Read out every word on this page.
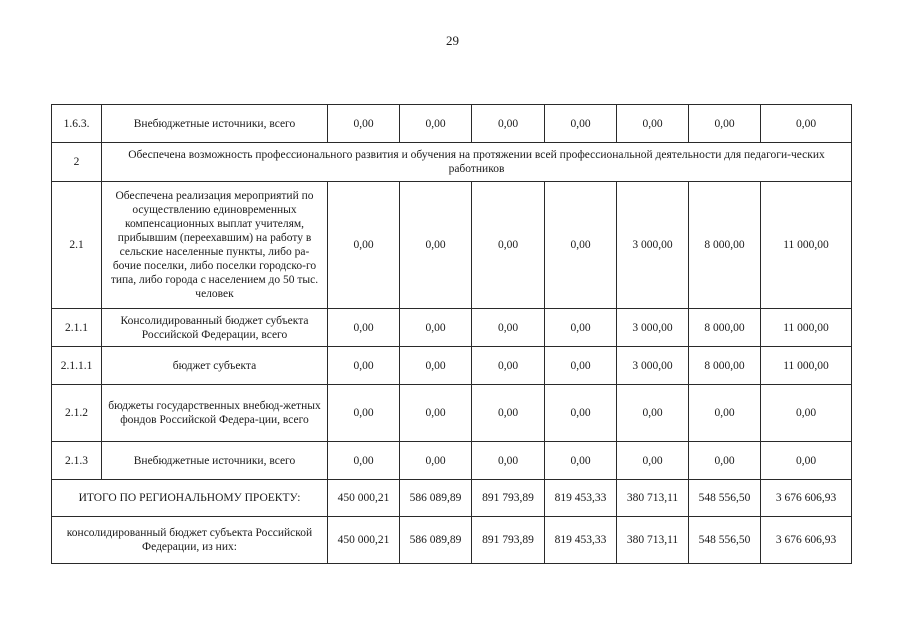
29
1.6.3.	Внебюджетные источники, всего	0,00	0,00	0,00	0,00	0,00	0,00	0,00
2	Обеспечена возможность профессионального развития и обучения на протяжении всей профессиональной деятельности для педагоги-ческих работников							
2.1	Обеспечена реализация мероприятий по осуществлению единовременных компенсационных выплат учителям, прибывшим (переехавшим) на работу в сельские населенные пункты, либо ра-бочие поселки, либо поселки городско-го типа, либо города с населением до 50 тыс. человек	0,00	0,00	0,00	0,00	3 000,00	8 000,00	11 000,00
2.1.1	Консолидированный бюджет субъекта Российской Федерации, всего	0,00	0,00	0,00	0,00	3 000,00	8 000,00	11 000,00
2.1.1.1	бюджет субъекта	0,00	0,00	0,00	0,00	3 000,00	8 000,00	11 000,00
2.1.2	бюджеты государственных внебюд-жетных фондов Российской Федера-ции, всего	0,00	0,00	0,00	0,00	0,00	0,00	0,00
2.1.3	Внебюджетные источники, всего	0,00	0,00	0,00	0,00	0,00	0,00	0,00
ИТОГО ПО РЕГИОНАЛЬНОМУ ПРОЕКТУ:		450 000,21	586 089,89	891 793,89	819 453,33	380 713,11	548 556,50	3 676 606,93
консолидированный бюджет субъекта Российской Федерации, из них:		450 000,21	586 089,89	891 793,89	819 453,33	380 713,11	548 556,50	3 676 606,93
